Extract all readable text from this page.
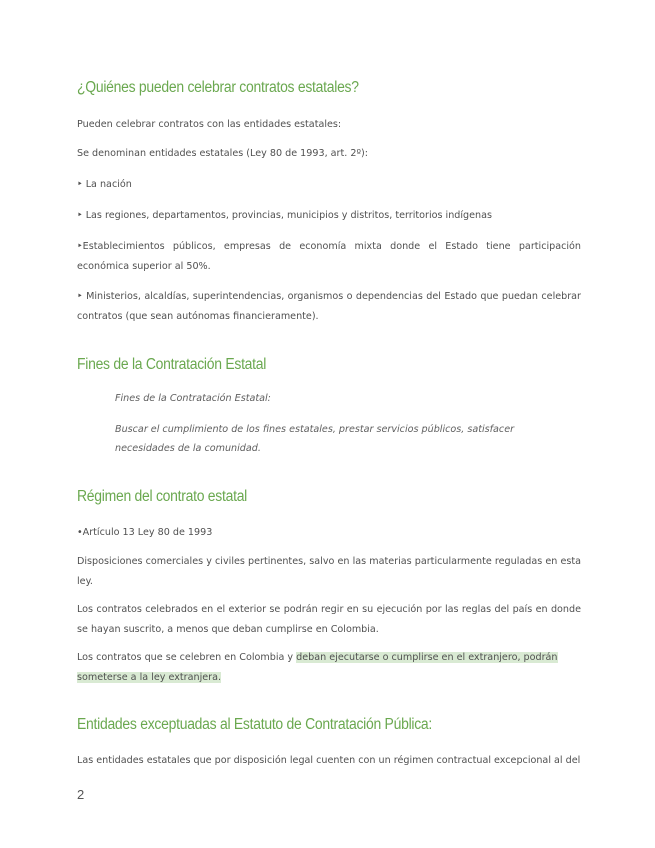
¿Quiénes pueden celebrar contratos estatales?

Pueden celebrar contratos con las entidades estatales:

Se denominan entidades estatales (Ley 80 de 1993, art. 2º):

‣ La nación

‣ Las regiones, departamentos, provincias, municipios y distritos, territorios indígenas

‣Establecimientos públicos, empresas de economía mixta donde el Estado tiene participación económica superior al 50%.

‣ Ministerios, alcaldías, superintendencias, organismos o dependencias del Estado que puedan celebrar contratos (que sean autónomas financieramente).

Fines de la Contratación Estatal

Fines de la Contratación Estatal:

Buscar el cumplimiento de los fines estatales, prestar servicios públicos, satisfacer necesidades de la comunidad.

Régimen del contrato estatal

•Artículo 13 Ley 80 de 1993

Disposiciones comerciales y civiles pertinentes, salvo en las materias particularmente reguladas en esta ley.

Los contratos celebrados en el exterior se podrán regir en su ejecución por las reglas del país en donde se hayan suscrito, a menos que deban cumplirse en Colombia.

Los contratos que se celebren en Colombia y deban ejecutarse o cumplirse en el extranjero, podrán someterse a la ley extranjera.

Entidades exceptuadas al Estatuto de Contratación Pública:

Las entidades estatales que por disposición legal cuenten con un régimen contractual excepcional al del

2
